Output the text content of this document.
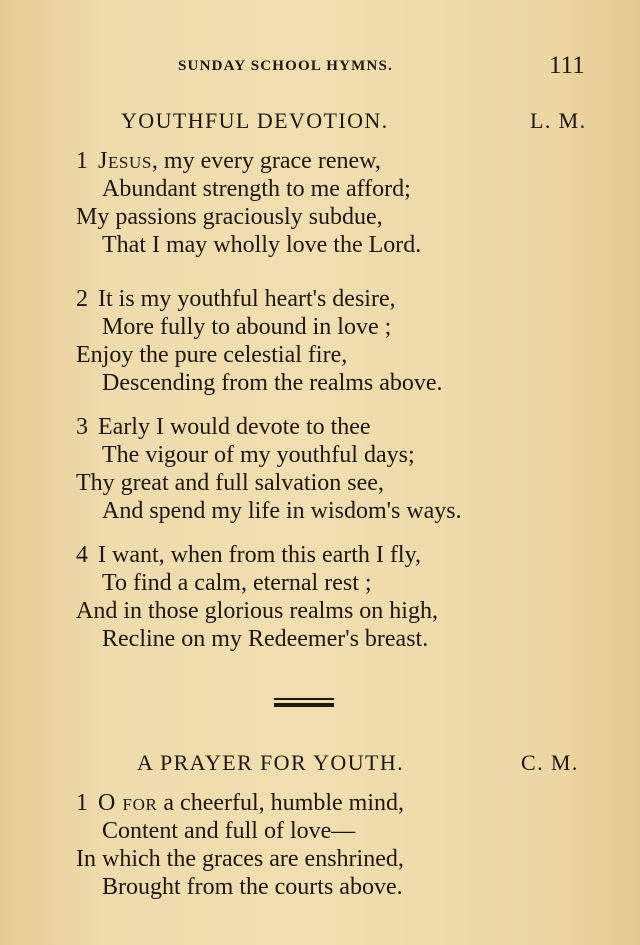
SUNDAY SCHOOL HYMNS.	111
YOUTHFUL DEVOTION.	L. M.
1 Jesus, my every grace renew,
Abundant strength to me afford;
My passions graciously subdue,
That I may wholly love the Lord.
2 It is my youthful heart's desire,
More fully to abound in love ;
Enjoy the pure celestial fire,
Descending from the realms above.
3 Early I would devote to thee
The vigour of my youthful days;
Thy great and full salvation see,
And spend my life in wisdom's ways.
4 I want, when from this earth I fly,
To find a calm, eternal rest ;
And in those glorious realms on high,
Recline on my Redeemer's breast.
A PRAYER FOR YOUTH.	C. M.
1 O for a cheerful, humble mind,
Content and full of love—
In which the graces are enshrined,
Brought from the courts above.
